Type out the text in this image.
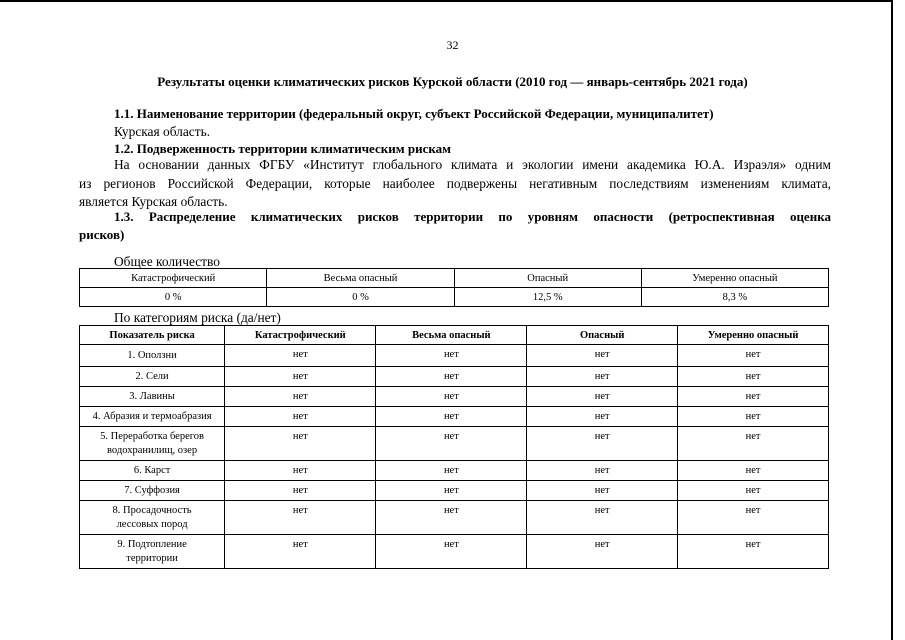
32
Результаты оценки климатических рисков Курской области (2010 год — январь-сентябрь 2021 года)
1.1. Наименование территории (федеральный округ, субъект Российской Федерации, муниципалитет)
Курская область.
1.2. Подверженность территории климатическим рискам
На основании данных ФГБУ «Институт глобального климата и экологии имени академика Ю.А. Израэля» одним
из регионов Российской Федерации, которые наиболее подвержены негативным последствиям изменениям климата,
является Курская область.
1.3. Распределение климатических рисков территории по уровням опасности (ретроспективная оценка
рисков)
Общее количество
Катастрофический	Весьма опасный	Опасный	Умеренно опасный
0 %	0 %	12,5 %	8,3 %
По категориям риска (да/нет)
Показатель риска	Катастрофический	Весьма опасный	Опасный	Умеренно опасный
1. Оползни	нет	нет	нет	нет
2. Сели	нет	нет	нет	нет
3. Лавины	нет	нет	нет	нет
4. Абразия и термоабразия	нет	нет	нет	нет
5. Переработка берегов
водохранилищ, озер	нет	нет	нет	нет
6. Карст	нет	нет	нет	нет
7. Суффозия	нет	нет	нет	нет
8. Просадочность
лессовых пород	нет	нет	нет	нет
9. Подтопление
территории	нет	нет	нет	нет
